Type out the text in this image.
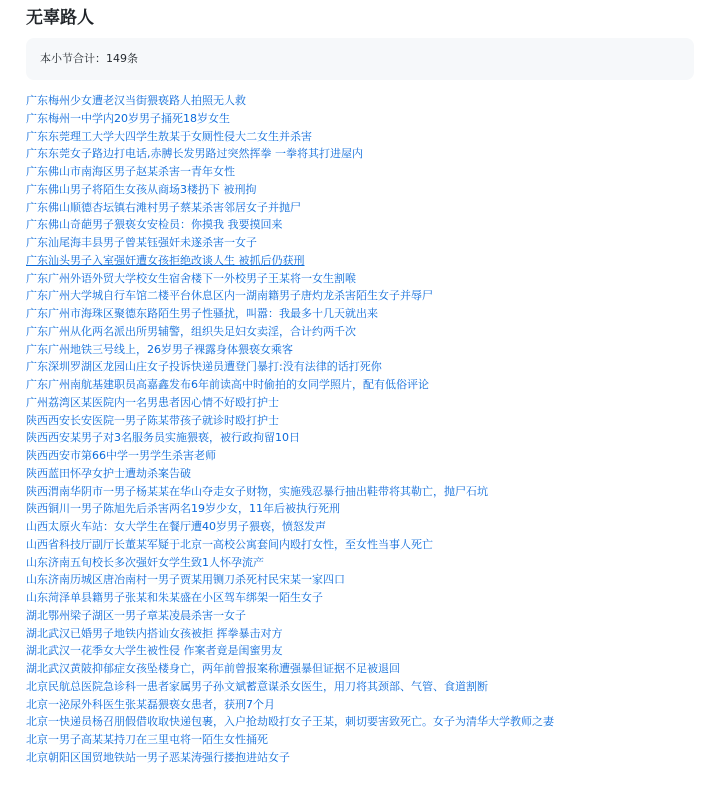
无辜路人
本小节合计：149条
广东梅州少女遭老汉当街猥亵路人拍照无人救
广东梅州一中学内20岁男子捅死18岁女生
广东东莞理工大学大四学生敖某于女厕性侵大二女生并杀害
广东东莞女子路边打电话,赤膊长发男路过突然挥拳 一拳将其打进屋内
广东佛山市南海区男子赵某杀害一青年女性
广东佛山男子将陌生女孩从商场3楼扔下 被刑拘
广东佛山顺德杏坛镇右滩村男子蔡某杀害邻居女子并抛尸
广东佛山奇葩男子猥亵女安检员：你摸我 我要摸回来
广东汕尾海丰县男子曾某钰强奸未遂杀害一女子
广东汕头男子入室强奸遭女孩拒绝改谈人生 被抓后仍获刑
广东广州外语外贸大学校女生宿舍楼下一外校男子王某将一女生割喉
广东广州大学城自行车馆二楼平台休息区内一湖南籍男子唐灼龙杀害陌生女子并辱尸
广东广州市海珠区聚德东路陌生男子性骚扰，叫嚣：我最多十几天就出来
广东广州从化两名派出所男辅警，组织失足妇女卖淫，合计约两千次
广东广州地铁三号线上，26岁男子裸露身体猥亵女乘客
广东深圳罗湖区龙园山庄女子投诉快递员遭登门暴打:没有法律的话打死你
广东广州南航基建职员高嘉鑫发布6年前读高中时偷拍的女同学照片，配有低俗评论
广州荔湾区某医院内一名男患者因心情不好殴打护士
陕西西安长安医院一男子陈某带孩子就诊时殴打护士
陕西西安某男子对3名服务员实施猥亵，被行政拘留10日
陕西西安市第66中学一男学生杀害老师
陕西蓝田怀孕女护士遭劫杀案告破
陕西渭南华阴市一男子杨某某在华山夺走女子财物，实施残忍暴行抽出鞋带将其勒亡，抛尸石坑
陕西铜川一男子陈旭先后杀害两名19岁少女，11年后被执行死刑
山西太原火车站：女大学生在餐厅遭40岁男子猥亵，愤怒发声
山西省科技厅副厅长董某军疑于北京一高校公寓套间内殴打女性，至女性当事人死亡
山东济南五旬校长多次强奸女学生致1人怀孕流产
山东济南历城区唐冶南村一男子贾某用铡刀杀死村民宋某一家四口
山东菏泽单县籍男子张某和朱某盛在小区驾车绑架一陌生女子
湖北鄂州梁子湖区一男子章某凌晨杀害一女子
湖北武汉已婚男子地铁内搭讪女孩被拒 挥拳暴击对方
湖北武汉一花季女大学生被性侵 作案者竟是闺蜜男友
湖北武汉黄陂抑郁症女孩坠楼身亡，两年前曾报案称遭强暴但证据不足被退回
北京民航总医院急诊科一患者家属男子孙文斌蓄意谋杀女医生，用刀将其颈部、气管、食道割断
北京一泌尿外科医生张某磊猥亵女患者，获刑7个月
北京一快递员杨召朋假借收取快递包裹，入户抢劫殴打女子王某，刺切要害致死亡。女子为清华大学教师之妻
北京一男子高某某持刀在三里屯将一陌生女性捅死
北京朝阳区国贸地铁站一男子恶某涛强行搂抱进站女子
